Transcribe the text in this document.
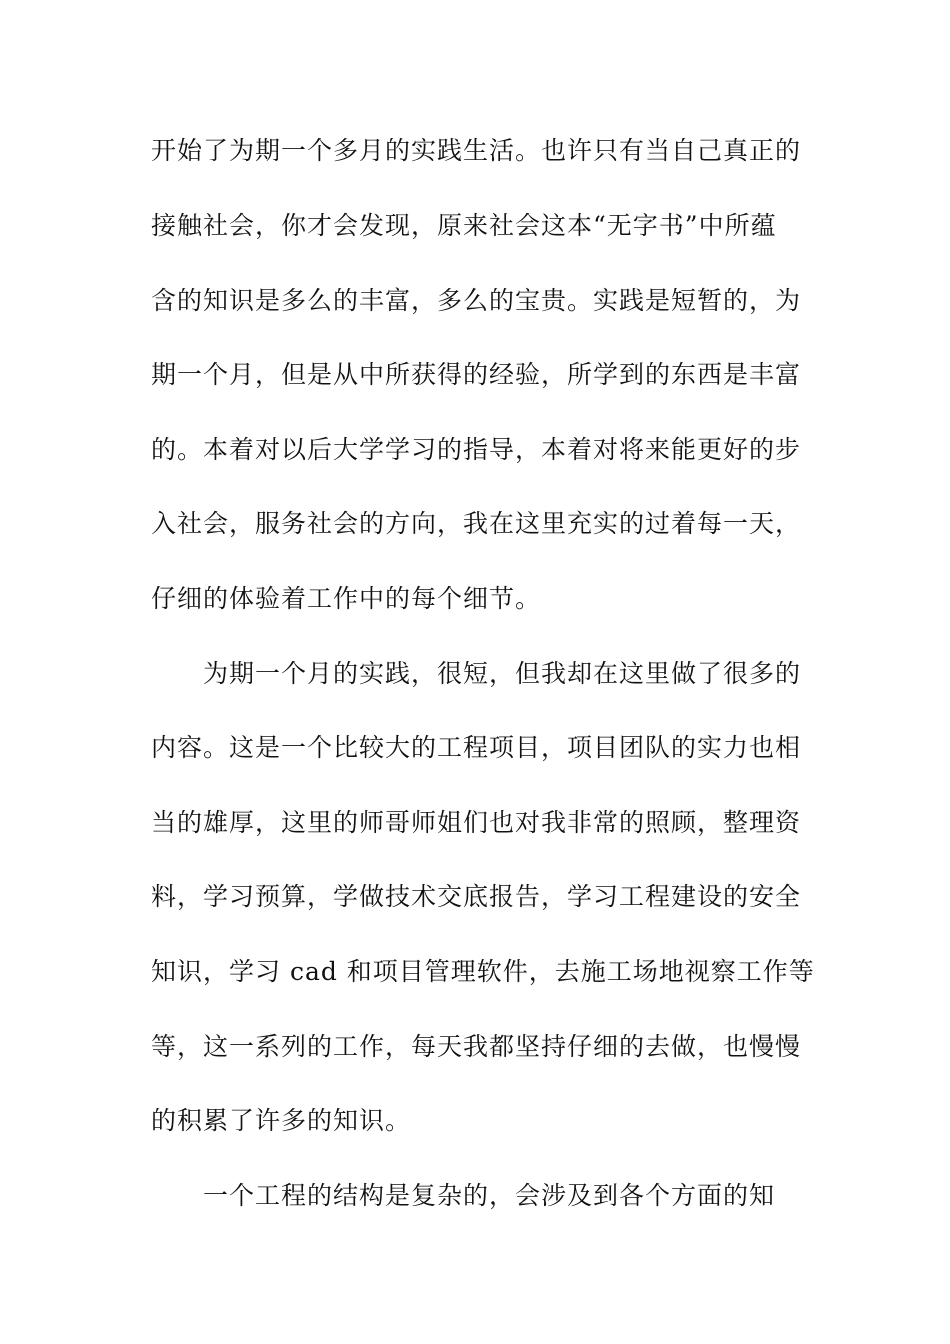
开始了为期一个多月的实践生活。也许只有当自己真正的
接触社会，你才会发现，原来社会这本“无字书”中所蕴
含的知识是多么的丰富，多么的宝贵。实践是短暂的，为
期一个月，但是从中所获得的经验，所学到的东西是丰富
的。本着对以后大学学习的指导，本着对将来能更好的步
入社会，服务社会的方向，我在这里充实的过着每一天，
仔细的体验着工作中的每个细节。
为期一个月的实践，很短，但我却在这里做了很多的
内容。这是一个比较大的工程项目，项目团队的实力也相
当的雄厚，这里的师哥师姐们也对我非常的照顾，整理资
料，学习预算，学做技术交底报告，学习工程建设的安全
知识，学习 cad 和项目管理软件，去施工场地视察工作等
等，这一系列的工作，每天我都坚持仔细的去做，也慢慢
的积累了许多的知识。
一个工程的结构是复杂的，会涉及到各个方面的知
